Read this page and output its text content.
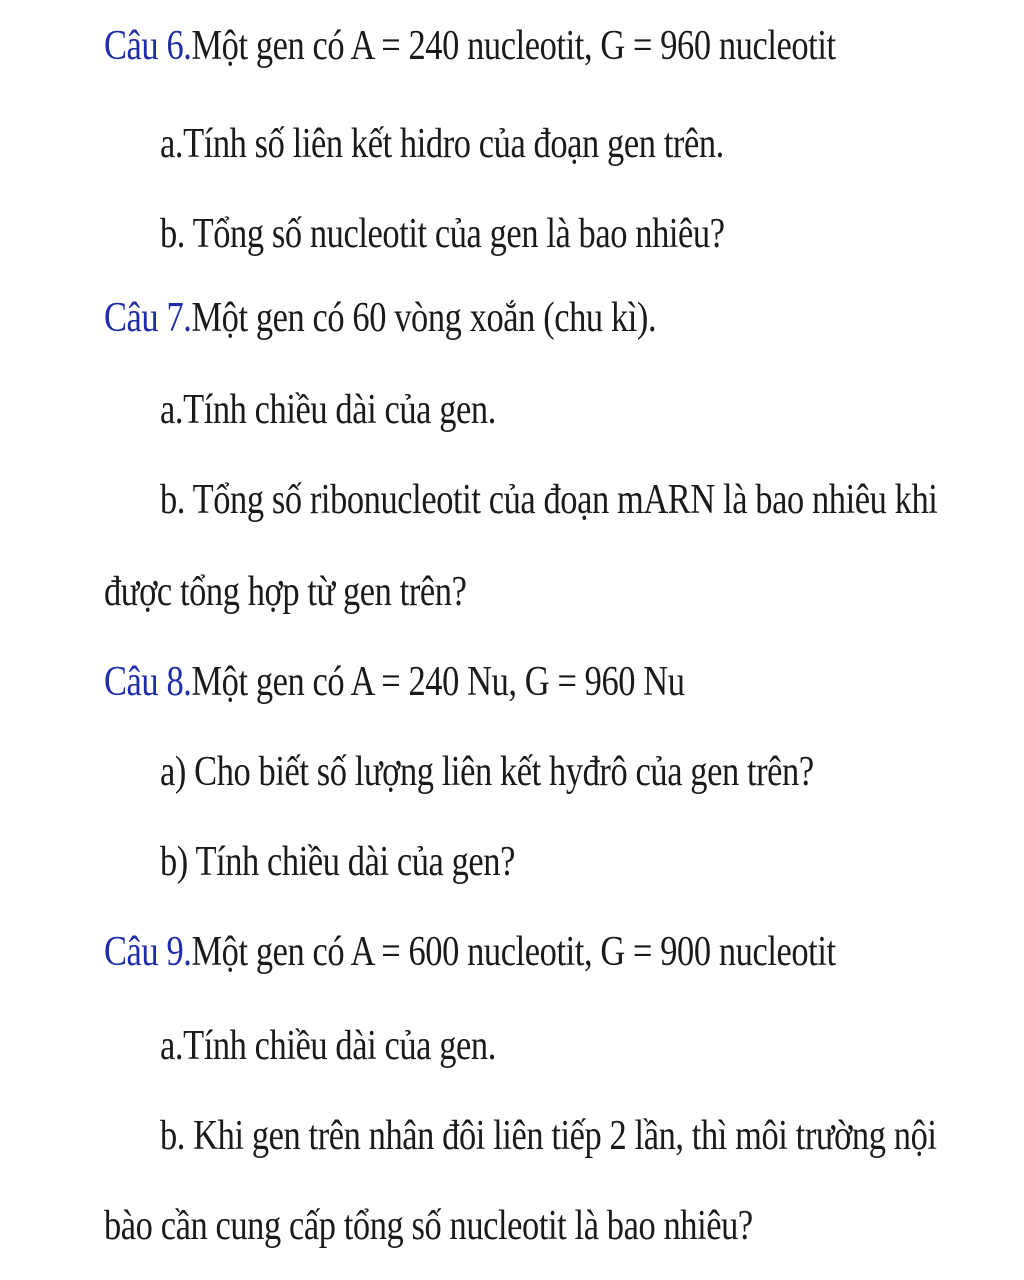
Câu 6.Một gen có A = 240 nucleotit, G = 960 nucleotit
a.Tính số liên kết hidro của đoạn gen trên.
b. Tổng số nucleotit của gen là bao nhiêu?
Câu 7.Một gen có 60 vòng xoắn (chu kì).
a.Tính chiều dài của gen.
b. Tổng số ribonucleotit của đoạn mARN là bao nhiêu khi
được tổng hợp từ gen trên?
Câu 8.Một gen có A = 240 Nu, G = 960 Nu
a) Cho biết số lượng liên kết hyđrô của gen trên?
b) Tính chiều dài của gen?
Câu 9.Một gen có A = 600 nucleotit, G = 900 nucleotit
a.Tính chiều dài của gen.
b. Khi gen trên nhân đôi liên tiếp 2 lần, thì môi trường nội
bào cần cung cấp tổng số nucleotit là bao nhiêu?
